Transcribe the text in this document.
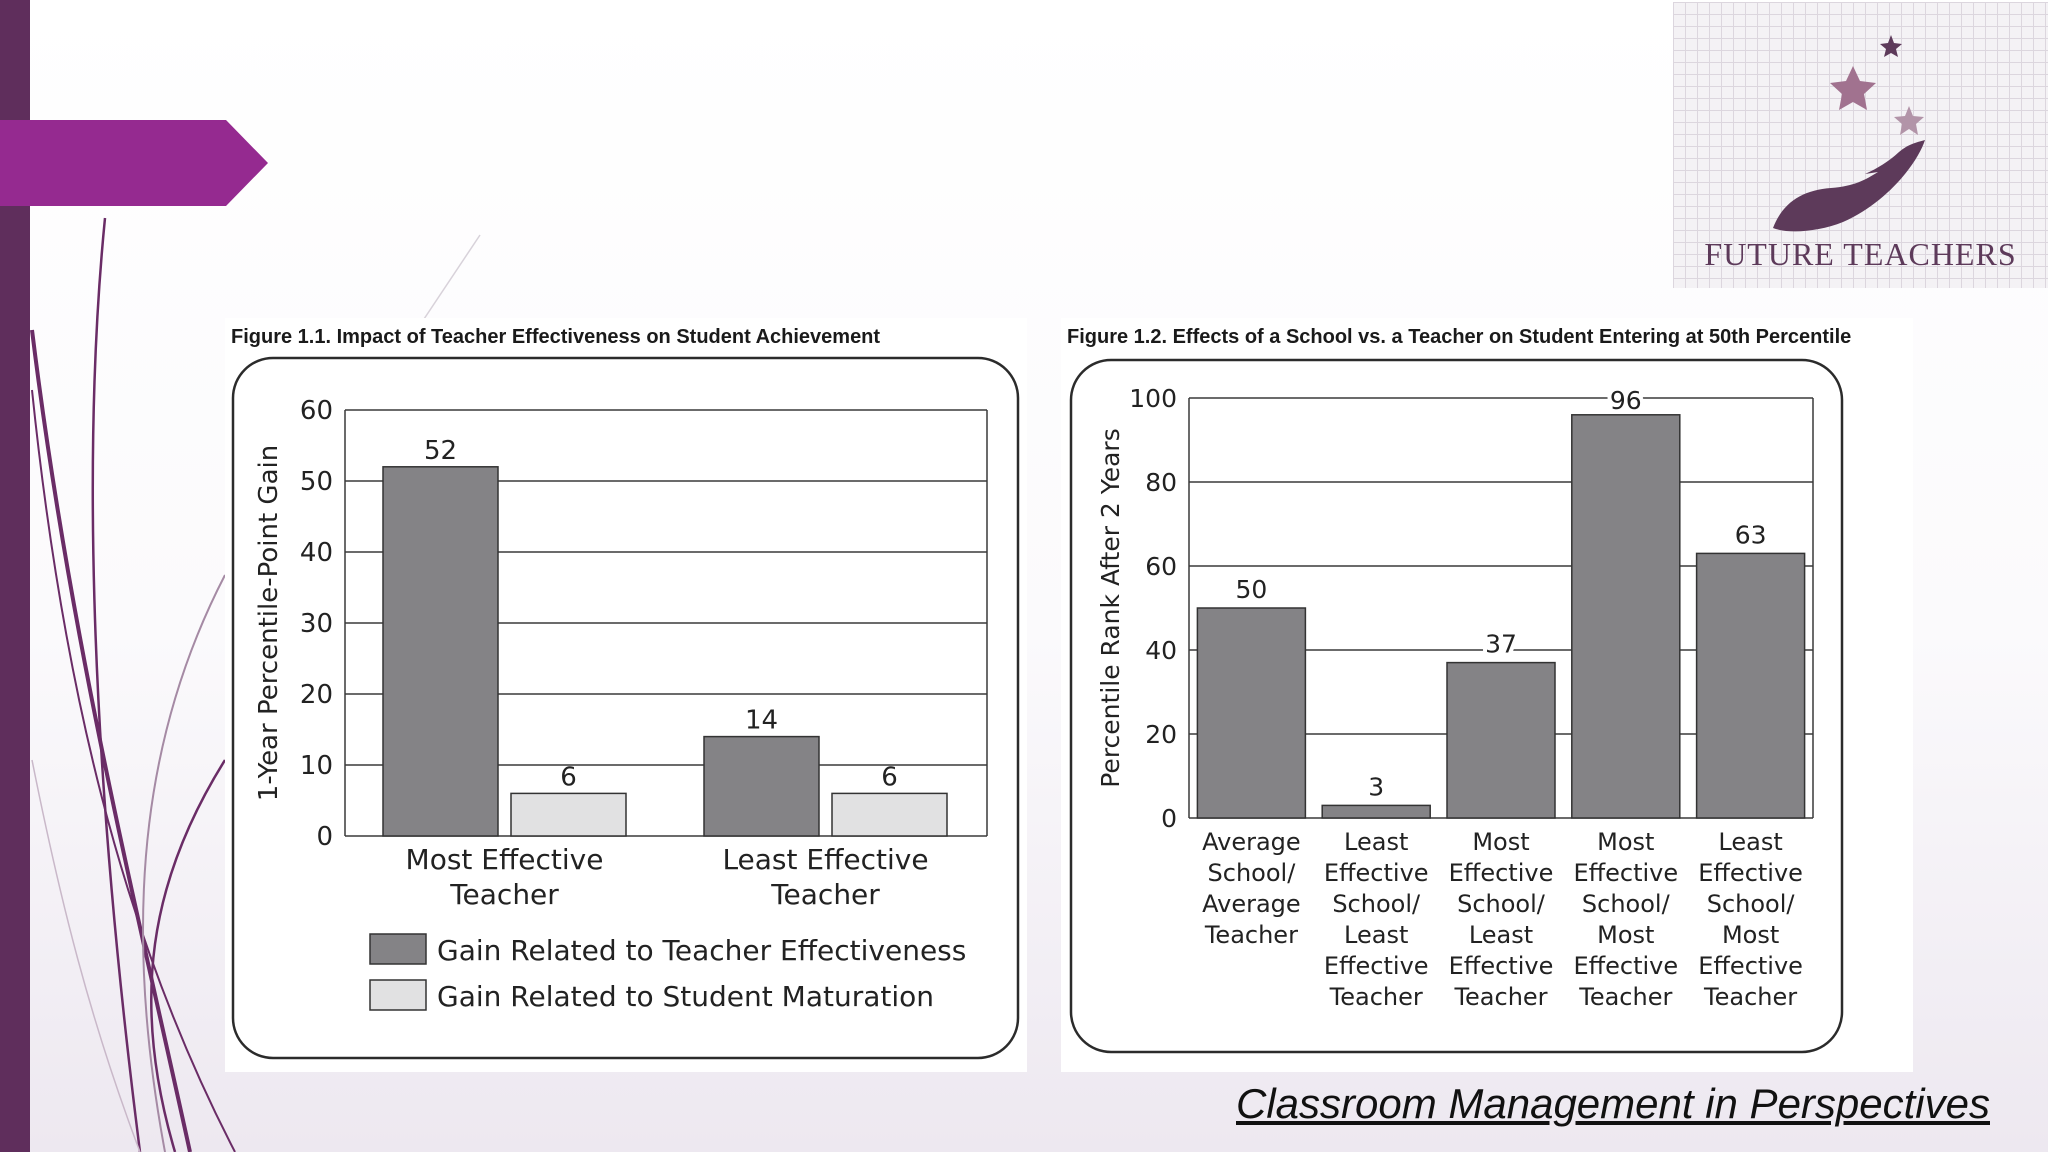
FUTURE TEACHERS
Figure 1.1. Impact of Teacher Effectiveness on Student Achievement
0
10
20
30
40
50
60
1-Year Percentile-Point Gain	52
6
Most Effective
Teacher
14
6
Least Effective
Teacher
Gain Related to Teacher Effectiveness
Gain Related to Student Maturation
Figure 1.2. Effects of a School vs. a Teacher on Student Entering at 50th Percentile
0
20
40
60
80
100
Percentile Rank After 2 Years	50
Average
School/
Average
Teacher
3
Least
Effective
School/
Least
Effective
Teacher
37
Most
Effective
School/
Least
Effective
Teacher
96
Most
Effective
School/
Most
Effective
Teacher
63
Least
Effective
School/
Most
Effective
Teacher
Classroom Management in Perspectives
